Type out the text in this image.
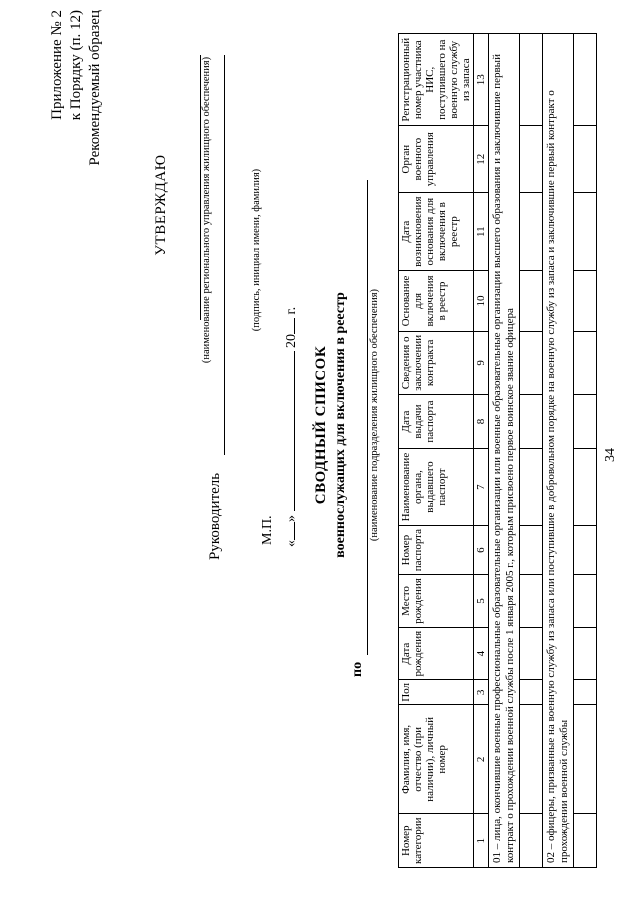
34
Приложение № 2 к Порядку (п. 12) Рекомендуемый образец
УТВЕРЖДАЮ	(наименование регионального управления жилищного обеспечения)
Руководитель
(подпись, инициал имени, фамилия)
М.П. «»  20 г.
СВОДНЫЙ СПИСОК военнослужащих для включения в реестр
по
(наименование подразделения жилищного обеспечения)
Номер категории	Фамилия, имя, отчество (при наличии), личный номер	Пол	Дата рождения	Место рождения	Номер паспорта	Наименование органа, выдавшего паспорт	Дата выдачи паспорта	Сведения о заключении контракта	Основание для включения в реестр	Дата возникновения основания для включения в реестр	Орган военного управления	Регистрационный номер участника НИС, поступившего на военную службу из запаса
1	2	3	4	5	6	7	8	9	10	11	12	13
01 – лица, окончившие военные профессиональные образовательные организации или военные образовательные организации высшего образования и заключившие первый контракт о прохождении военной службы после 1 января 2005 г., которым присвоено первое воинское звание офицера												

02 – офицеры, призванные на военную службу из запаса или поступившие в добровольном порядке на военную службу из запаса и заключившие первый контракт о прохождении военной службы												
